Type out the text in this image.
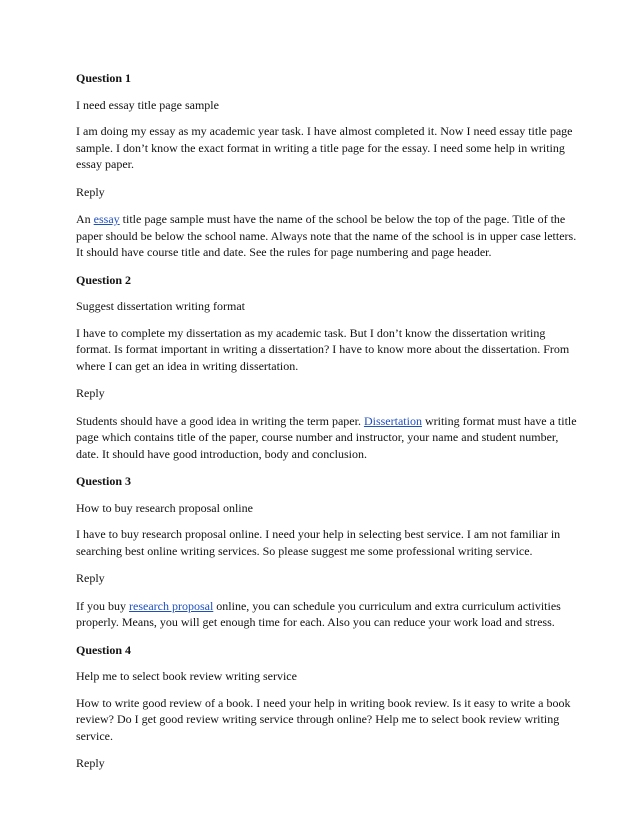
Question 1
I need essay title page sample
I am doing my essay as my academic year task. I have almost completed it. Now I need essay title page sample. I don’t know the exact format in writing a title page for the essay. I need some help in writing essay paper.
Reply
An essay title page sample must have the name of the school be below the top of the page. Title of the paper should be below the school name. Always note that the name of the school is in upper case letters. It should have course title and date. See the rules for page numbering and page header.
Question 2
Suggest dissertation writing format
I have to complete my dissertation as my academic task. But I don’t know the dissertation writing format. Is format important in writing a dissertation? I have to know more about the dissertation. From where I can get an idea in writing dissertation.
Reply
Students should have a good idea in writing the term paper. Dissertation writing format must have a title page which contains title of the paper, course number and instructor, your name and student number, date. It should have good introduction, body and conclusion.
Question 3
How to buy research proposal online
I have to buy research proposal online. I need your help in selecting best service. I am not familiar in searching best online writing services. So please suggest me some professional writing service.
Reply
If you buy research proposal online, you can schedule you curriculum and extra curriculum activities properly. Means, you will get enough time for each. Also you can reduce your work load and stress.
Question 4
Help me to select book review writing service
How to write good review of a book. I need your help in writing book review. Is it easy to write a book review? Do I get good review writing service through online? Help me to select book review writing service.
Reply
